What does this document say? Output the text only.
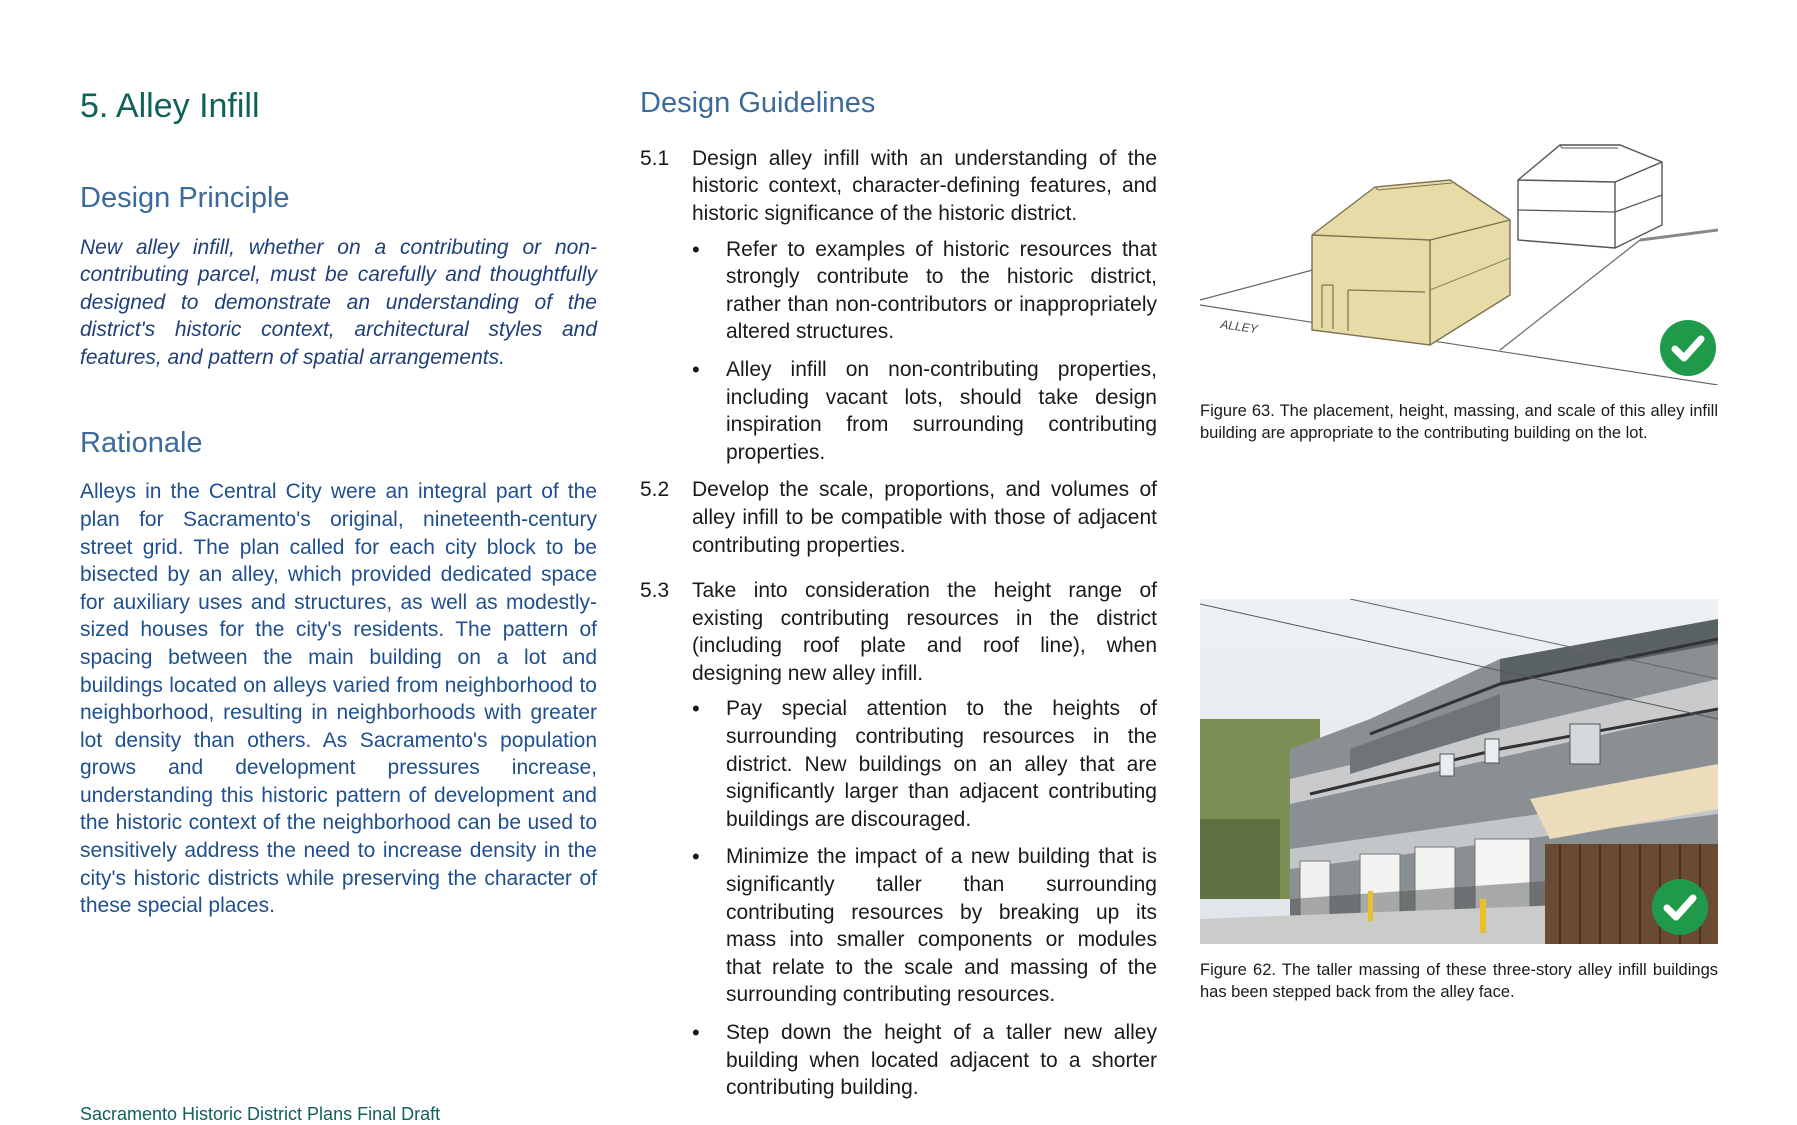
5. Alley Infill
Design Principle

New alley infill, whether on a contributing or non-contributing parcel, must be carefully and thoughtfully designed to demonstrate an understanding of the district's historic context, architectural styles and features, and pattern of spatial arrangements.

Rationale

Alleys in the Central City were an integral part of the plan for Sacramento's original, nineteenth-century street grid. The plan called for each city block to be bisected by an alley, which provided dedicated space for auxiliary uses and structures, as well as modestly-sized houses for the city's residents. The pattern of spacing between the main building on a lot and buildings located on alleys varied from neighborhood to neighborhood, resulting in neighborhoods with greater lot density than others. As Sacramento's population grows and development pressures increase, understanding this historic pattern of development and the historic context of the neighborhood can be used to sensitively address the need to increase density in the city's historic districts while preserving the character of these special places.

Design Guidelines
5.1	Design alley infill with an understanding of the historic context, character-defining features, and historic significance of the historic district.
• Refer to examples of historic resources that strongly contribute to the historic district, rather than non-contributors or inappropriately altered structures.
• Alley infill on non-contributing properties, including vacant lots, should take design inspiration from surrounding contributing properties.
5.2	Develop the scale, proportions, and volumes of alley infill to be compatible with those of adjacent contributing properties.
5.3	Take into consideration the height range of existing contributing resources in the district (including roof plate and roof line), when designing new alley infill.
• Pay special attention to the heights of surrounding contributing resources in the district. New buildings on an alley that are significantly larger than adjacent contributing buildings are discouraged.
• Minimize the impact of a new building that is significantly taller than surrounding contributing resources by breaking up its mass into smaller components or modules that relate to the scale and massing of the surrounding contributing resources.
• Step down the height of a taller new alley building when located adjacent to a shorter contributing building.
ALLEY

Figure 63. The placement, height, massing, and scale of this alley infill building are appropriate to the contributing building on the lot.

Figure 62. The taller massing of these three-story alley infill buildings has been stepped back from the alley face.

Sacramento Historic District Plans Final Draft
